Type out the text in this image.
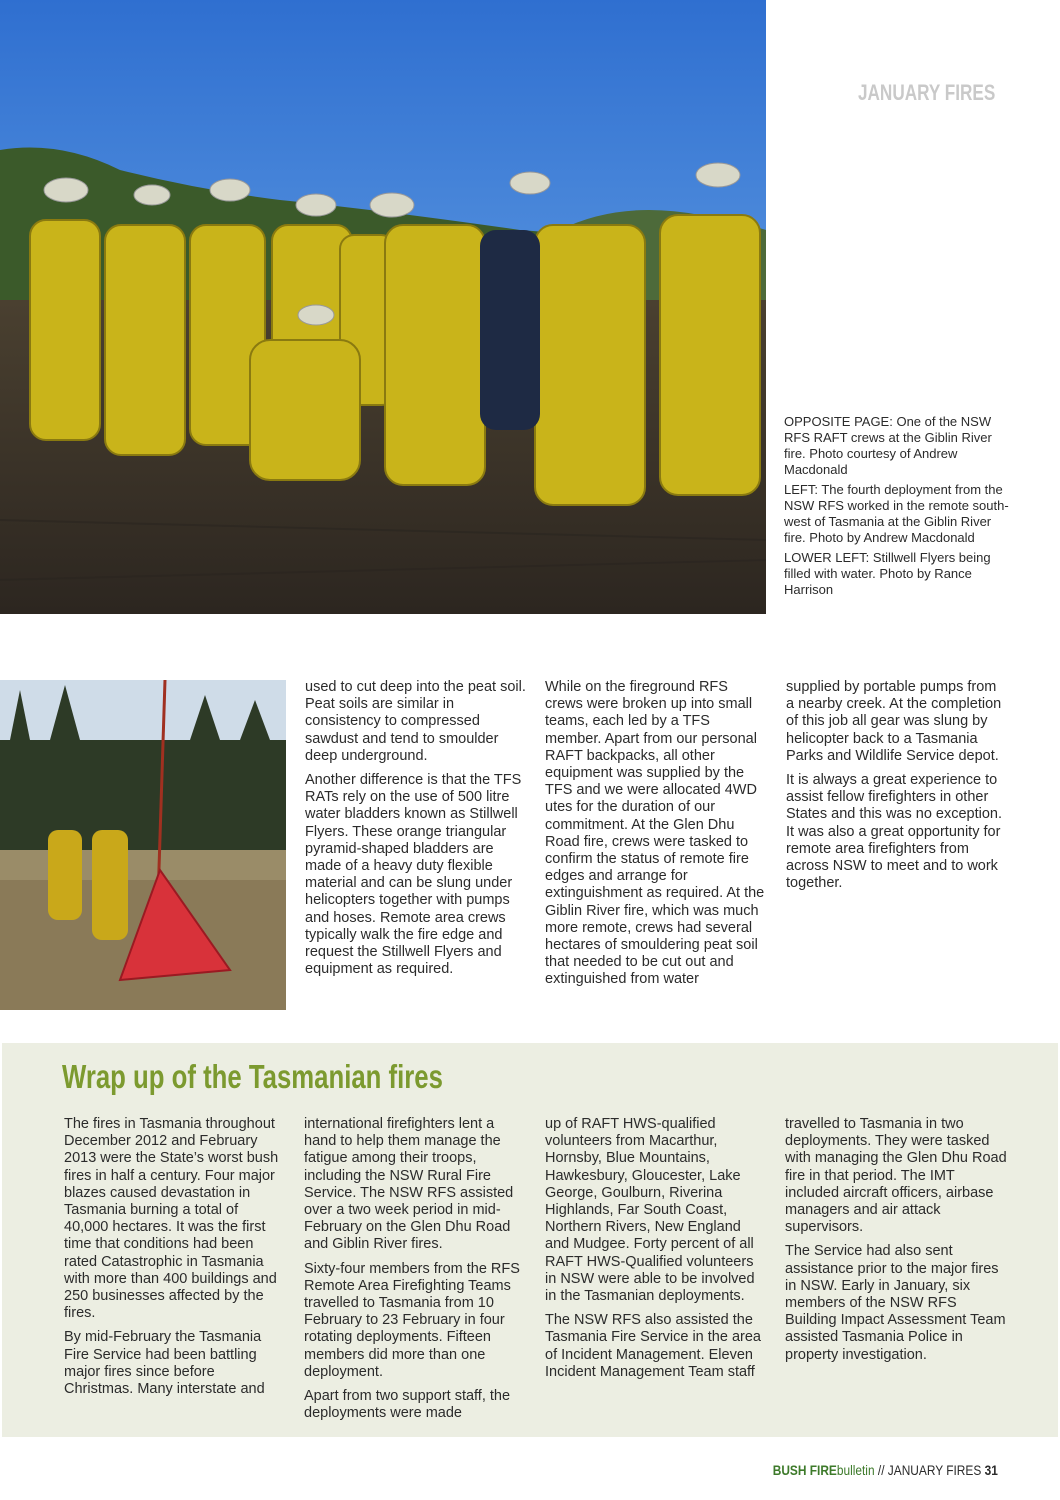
JANUARY FIRES

OPPOSITE PAGE: One of the NSW RFS RAFT crews at the Giblin River fire. Photo courtesy of Andrew Macdonald

LEFT: The fourth deployment from the NSW RFS worked in the remote south-west of Tasmania at the Giblin River fire. Photo by Andrew Macdonald

LOWER LEFT: Stillwell Flyers being filled with water. Photo by Rance Harrison

used to cut deep into the peat soil. Peat soils are similar in consistency to compressed sawdust and tend to smoulder deep underground.

Another difference is that the TFS RATs rely on the use of 500 litre water bladders known as Stillwell Flyers. These orange triangular pyramid-shaped bladders are made of a heavy duty flexible material and can be slung under helicopters together with pumps and hoses. Remote area crews typically walk the fire edge and request the Stillwell Flyers and equipment as required.

While on the fireground RFS crews were broken up into small teams, each led by a TFS member. Apart from our personal RAFT backpacks, all other equipment was supplied by the TFS and we were allocated 4WD utes for the duration of our commitment. At the Glen Dhu Road fire, crews were tasked to confirm the status of remote fire edges and arrange for extinguishment as required. At the Giblin River fire, which was much more remote, crews had several hectares of smouldering peat soil that needed to be cut out and extinguished from water

supplied by portable pumps from a nearby creek. At the completion of this job all gear was slung by helicopter back to a Tasmania Parks and Wildlife Service depot.

It is always a great experience to assist fellow firefighters in other States and this was no exception. It was also a great opportunity for remote area firefighters from across NSW to meet and to work together.

Wrap up of the Tasmanian fires

The fires in Tasmania throughout December 2012 and February 2013 were the State’s worst bush fires in half a century. Four major blazes caused devastation in Tasmania burning a total of 40,000 hectares. It was the first time that conditions had been rated Catastrophic in Tasmania with more than 400 buildings and 250 businesses affected by the fires.

By mid-February the Tasmania Fire Service had been battling major fires since before Christmas. Many interstate and

international firefighters lent a hand to help them manage the fatigue among their troops, including the NSW Rural Fire Service. The NSW RFS assisted over a two week period in mid-February on the Glen Dhu Road and Giblin River fires.

Sixty-four members from the RFS Remote Area Firefighting Teams travelled to Tasmania from 10 February to 23 February in four rotating deployments. Fifteen members did more than one deployment.

Apart from two support staff, the deployments were made

up of RAFT HWS-qualified volunteers from Macarthur, Hornsby, Blue Mountains, Hawkesbury, Gloucester, Lake George, Goulburn, Riverina Highlands, Far South Coast, Northern Rivers, New England and Mudgee. Forty percent of all RAFT HWS-Qualified volunteers in NSW were able to be involved in the Tasmanian deployments.

The NSW RFS also assisted the Tasmania Fire Service in the area of Incident Management. Eleven Incident Management Team staff

travelled to Tasmania in two deployments. They were tasked with managing the Glen Dhu Road fire in that period. The IMT included aircraft officers, airbase managers and air attack supervisors.

The Service had also sent assistance prior to the major fires in NSW. Early in January, six members of the NSW RFS Building Impact Assessment Team assisted Tasmania Police in property investigation.

BUSH FIREbulletin // JANUARY FIRES 31
